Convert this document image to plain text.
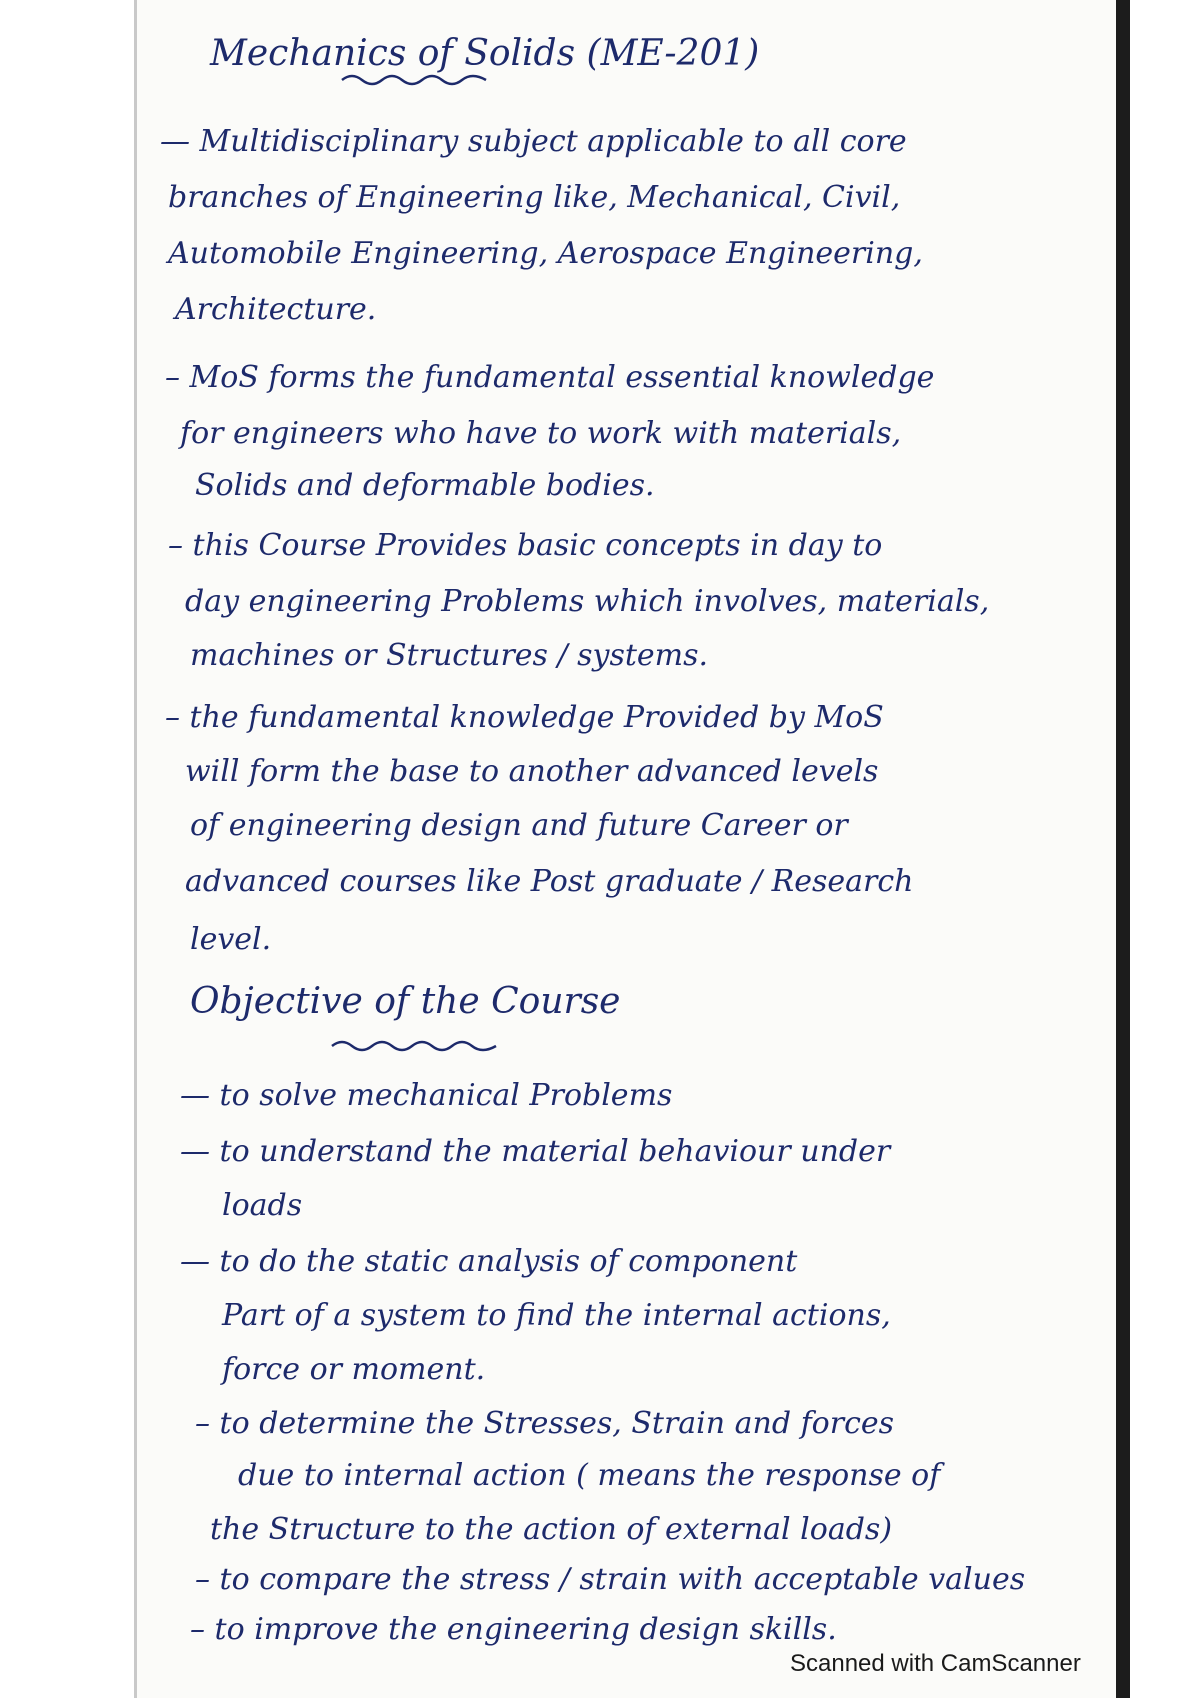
Mechanics of Solids (ME-201)
— Multidisciplinary subject applicable to all core
branches of Engineering like, Mechanical, Civil,
Automobile Engineering, Aerospace Engineering,
Architecture.
– MoS forms the fundamental essential knowledge
for engineers who have to work with materials,
Solids and deformable bodies.
– this Course Provides basic concepts in day to
day engineering Problems which involves, materials,
machines or Structures / systems.
– the fundamental knowledge Provided by MoS
will form the base to another advanced levels
of engineering design and future Career or
advanced courses like Post graduate / Research
level.
Objective of the Course
— to solve mechanical Problems
— to understand the material behaviour under
loads
— to do the static analysis of component
Part of a system to find the internal actions,
force or moment.
– to determine the Stresses, Strain and forces
due to internal action ( means the response of
the Structure to the action of external loads)
– to compare the stress / strain with acceptable values
– to improve the engineering design skills.
Scanned with CamScanner
